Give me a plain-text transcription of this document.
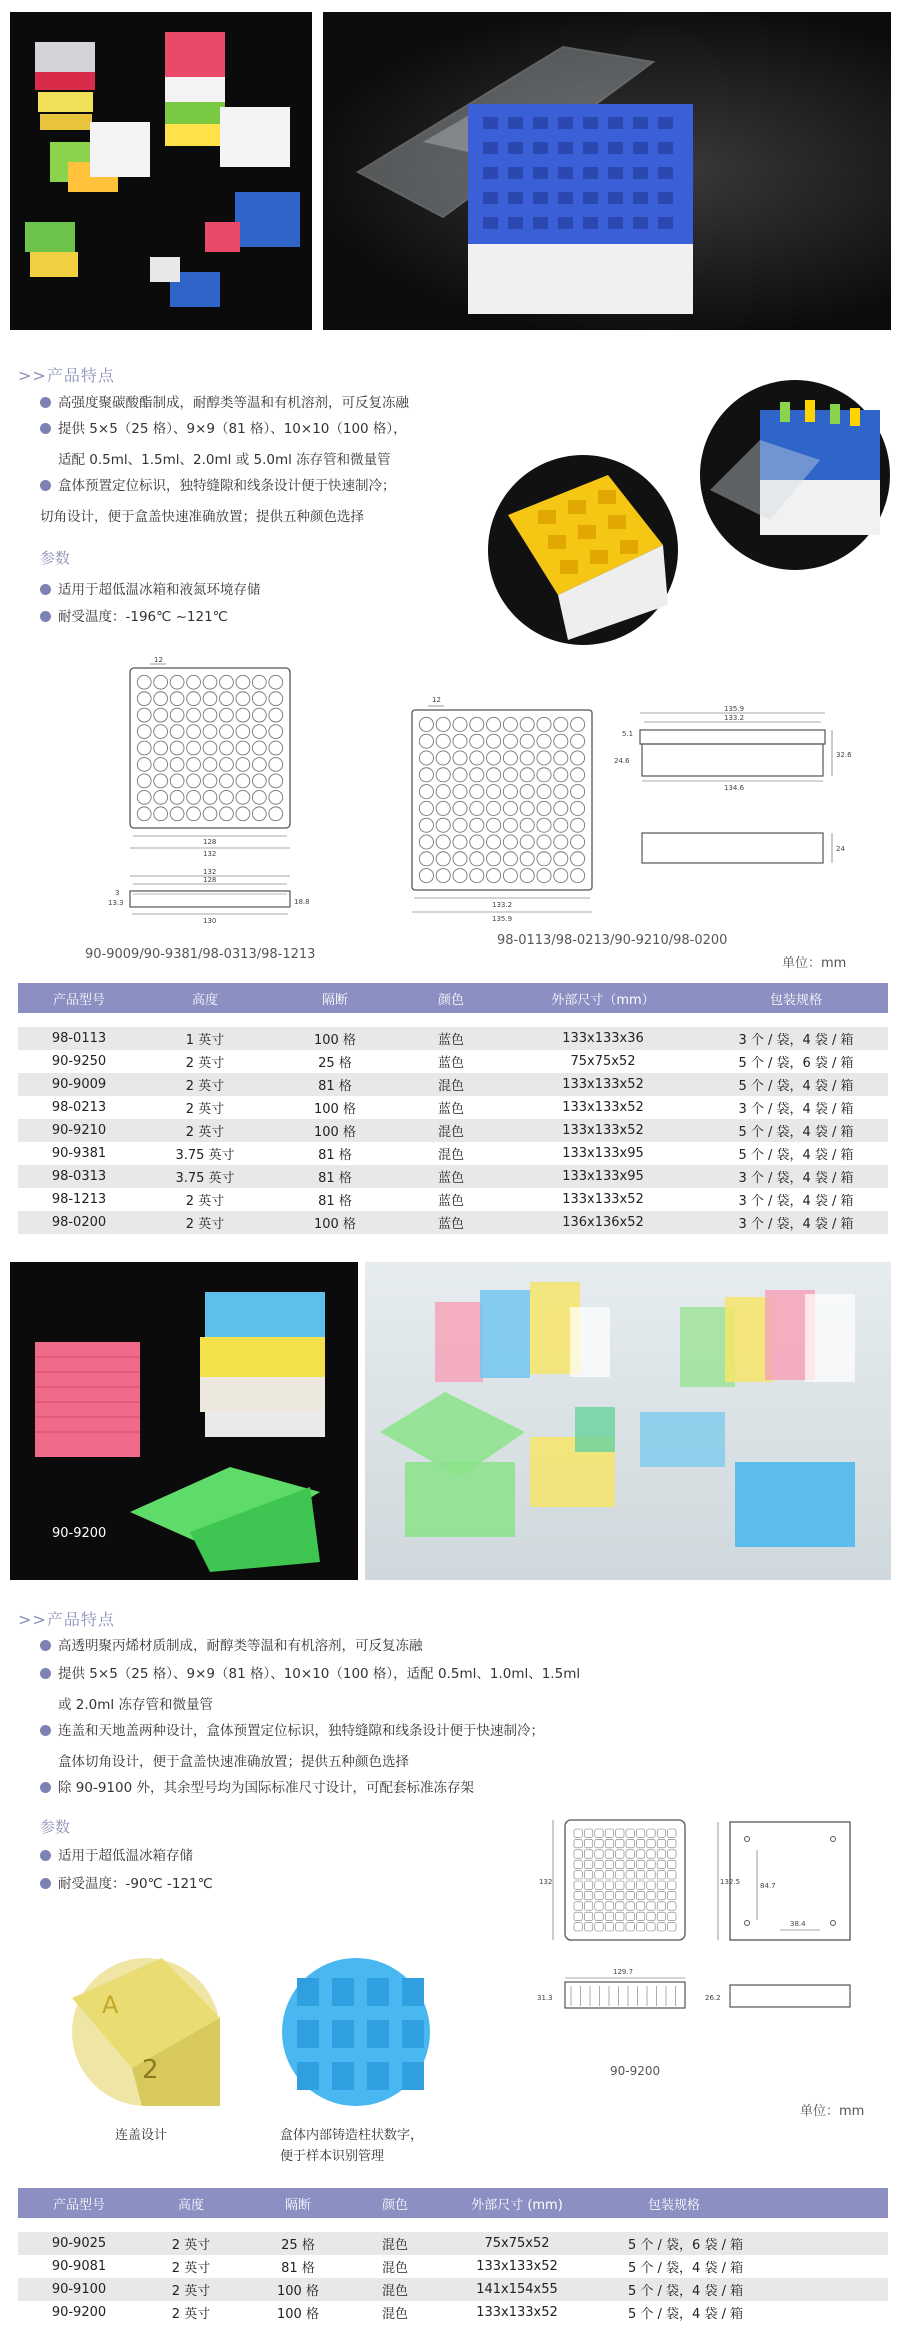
>>产品特点
高强度聚碳酸酯制成，耐醇类等温和有机溶剂，可反复冻融
提供 5×5（25 格）、9×9（81 格）、10×10（100 格），
适配 0.5ml、1.5ml、2.0ml 或 5.0ml 冻存管和微量管
盒体预置定位标识，独特缝隙和线条设计便于快速制冷；
切角设计，便于盒盖快速准确放置；提供五种颜色选择
参数
适用于超低温冰箱和液氮环境存储
耐受温度：-196℃ ~121℃
12
128
132
132
128
130
3
13.3	18.8
90-9009/90-9381/98-0313/98-1213
12
133.2
135.9
135.9
133.2
134.6
5.1
24.6
32.6
24
98-0113/98-0213/90-9210/98-0200
单位：mm
产品型号	高度	隔断	颜色	外部尺寸（mm）	包装规格

98-0113	1 英寸	100 格	蓝色	133x133x36	3 个 / 袋，4 袋 / 箱
90-9250	2 英寸	25 格	蓝色	75x75x52	5 个 / 袋，6 袋 / 箱
90-9009	2 英寸	81 格	混色	133x133x52	5 个 / 袋，4 袋 / 箱
98-0213	2 英寸	100 格	蓝色	133x133x52	3 个 / 袋，4 袋 / 箱
90-9210	2 英寸	100 格	混色	133x133x52	5 个 / 袋，4 袋 / 箱
90-9381	3.75 英寸	81 格	混色	133x133x95	5 个 / 袋，4 袋 / 箱
98-0313	3.75 英寸	81 格	蓝色	133x133x95	3 个 / 袋，4 袋 / 箱
98-1213	2 英寸	81 格	蓝色	133x133x52	3 个 / 袋，4 袋 / 箱
98-0200	2 英寸	100 格	蓝色	136x136x52	3 个 / 袋，4 袋 / 箱
90-9200
>>产品特点
高透明聚丙烯材质制成，耐醇类等温和有机溶剂，可反复冻融
提供 5×5（25 格）、9×9（81 格）、10×10（100 格），适配 0.5ml、1.0ml、1.5ml
或 2.0ml 冻存管和微量管
连盖和天地盖两种设计，盒体预置定位标识，独特缝隙和线条设计便于快速制冷；
盒体切角设计，便于盒盖快速准确放置；提供五种颜色选择
除 90-9100 外，其余型号均为国际标准尺寸设计，可配套标准冻存架
参数
适用于超低温冰箱存储
耐受温度：-90℃ -121℃	132	132.5	84.7
38.4
129.7
31.3	26.2
90-9200
单位：mm
A
2
连盖设计	盒体内部铸造柱状数字，
便于样本识别管理
产品型号	高度	隔断	颜色	外部尺寸 (mm)	包装规格

90-9025	2 英寸	25 格	混色	75x75x52	5 个 / 袋，6 袋 / 箱
90-9081	2 英寸	81 格	混色	133x133x52	5 个 / 袋，4 袋 / 箱
90-9100	2 英寸	100 格	混色	141x154x55	5 个 / 袋，4 袋 / 箱
90-9200	2 英寸	100 格	混色	133x133x52	5 个 / 袋，4 袋 / 箱
